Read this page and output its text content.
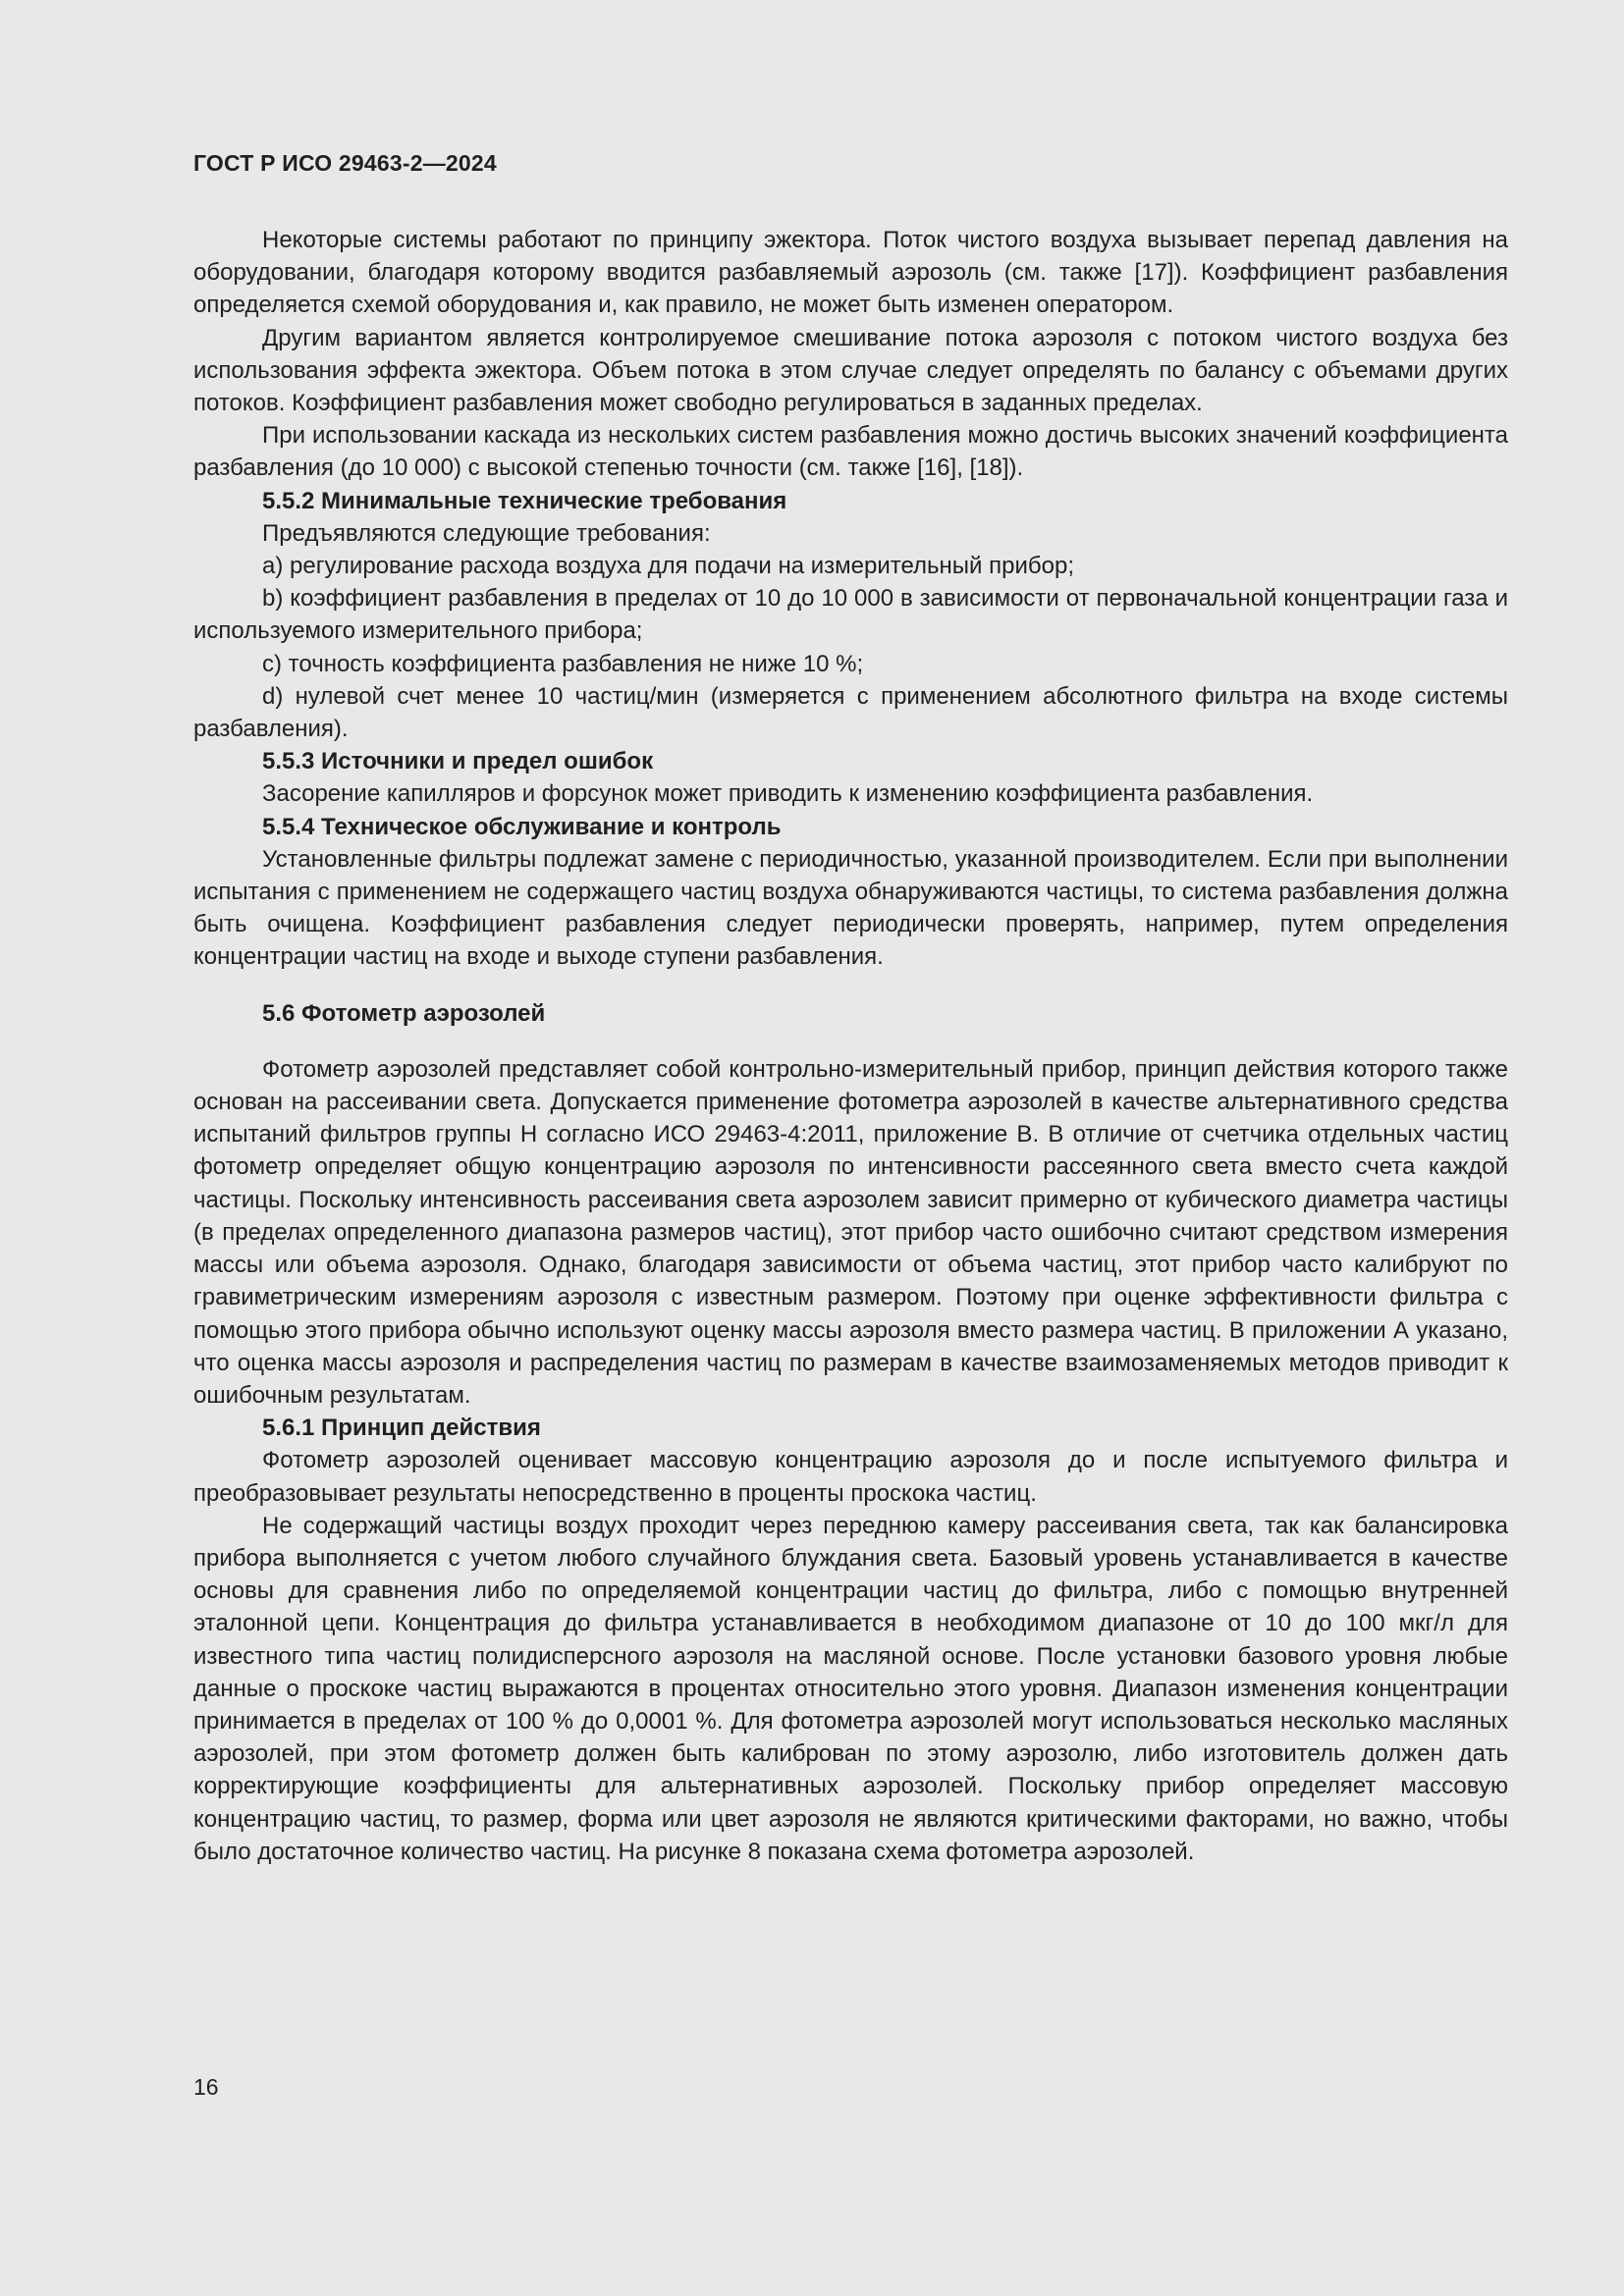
ГОСТ Р ИСО 29463-2—2024

Некоторые системы работают по принципу эжектора. Поток чистого воздуха вызывает перепад давления на оборудовании, благодаря которому вводится разбавляемый аэрозоль (см. также [17]). Коэффициент разбавления определяется схемой оборудования и, как правило, не может быть изменен оператором.

Другим вариантом является контролируемое смешивание потока аэрозоля с потоком чистого воздуха без использования эффекта эжектора. Объем потока в этом случае следует определять по балансу с объемами других потоков. Коэффициент разбавления может свободно регулироваться в заданных пределах.

При использовании каскада из нескольких систем разбавления можно достичь высоких значений коэффициента разбавления (до 10 000) с высокой степенью точности (см. также [16], [18]).

5.5.2 Минимальные технические требования

Предъявляются следующие требования:

a) регулирование расхода воздуха для подачи на измерительный прибор;

b) коэффициент разбавления в пределах от 10 до 10 000 в зависимости от первоначальной концентрации газа и используемого измерительного прибора;

c) точность коэффициента разбавления не ниже 10 %;

d) нулевой счет менее 10 частиц/мин (измеряется с применением абсолютного фильтра на входе системы разбавления).

5.5.3 Источники и предел ошибок

Засорение капилляров и форсунок может приводить к изменению коэффициента разбавления.

5.5.4 Техническое обслуживание и контроль

Установленные фильтры подлежат замене с периодичностью, указанной производителем. Если при выполнении испытания с применением не содержащего частиц воздуха обнаруживаются частицы, то система разбавления должна быть очищена. Коэффициент разбавления следует периодически проверять, например, путем определения концентрации частиц на входе и выходе ступени разбавления.

5.6 Фотометр аэрозолей

Фотометр аэрозолей представляет собой контрольно-измерительный прибор, принцип действия которого также основан на рассеивании света. Допускается применение фотометра аэрозолей в качестве альтернативного средства испытаний фильтров группы Н согласно ИСО 29463-4:2011, приложение В. В отличие от счетчика отдельных частиц фотометр определяет общую концентрацию аэрозоля по интенсивности рассеянного света вместо счета каждой частицы. Поскольку интенсивность рассеивания света аэрозолем зависит примерно от кубического диаметра частицы (в пределах определенного диапазона размеров частиц), этот прибор часто ошибочно считают средством измерения массы или объема аэрозоля. Однако, благодаря зависимости от объема частиц, этот прибор часто калибруют по гравиметрическим измерениям аэрозоля с известным размером. Поэтому при оценке эффективности фильтра с помощью этого прибора обычно используют оценку массы аэрозоля вместо размера частиц. В приложении А указано, что оценка массы аэрозоля и распределения частиц по размерам в качестве взаимозаменяемых методов приводит к ошибочным результатам.

5.6.1 Принцип действия

Фотометр аэрозолей оценивает массовую концентрацию аэрозоля до и после испытуемого фильтра и преобразовывает результаты непосредственно в проценты проскока частиц.

Не содержащий частицы воздух проходит через переднюю камеру рассеивания света, так как балансировка прибора выполняется с учетом любого случайного блуждания света. Базовый уровень устанавливается в качестве основы для сравнения либо по определяемой концентрации частиц до фильтра, либо с помощью внутренней эталонной цепи. Концентрация до фильтра устанавливается в необходимом диапазоне от 10 до 100 мкг/л для известного типа частиц полидисперсного аэрозоля на масляной основе. После установки базового уровня любые данные о проскоке частиц выражаются в процентах относительно этого уровня. Диапазон изменения концентрации принимается в пределах от 100 % до 0,0001 %. Для фотометра аэрозолей могут использоваться несколько масляных аэрозолей, при этом фотометр должен быть калиброван по этому аэрозолю, либо изготовитель должен дать корректирующие коэффициенты для альтернативных аэрозолей. Поскольку прибор определяет массовую концентрацию частиц, то размер, форма или цвет аэрозоля не являются критическими факторами, но важно, чтобы было достаточное количество частиц. На рисунке 8 показана схема фотометра аэрозолей.

16
